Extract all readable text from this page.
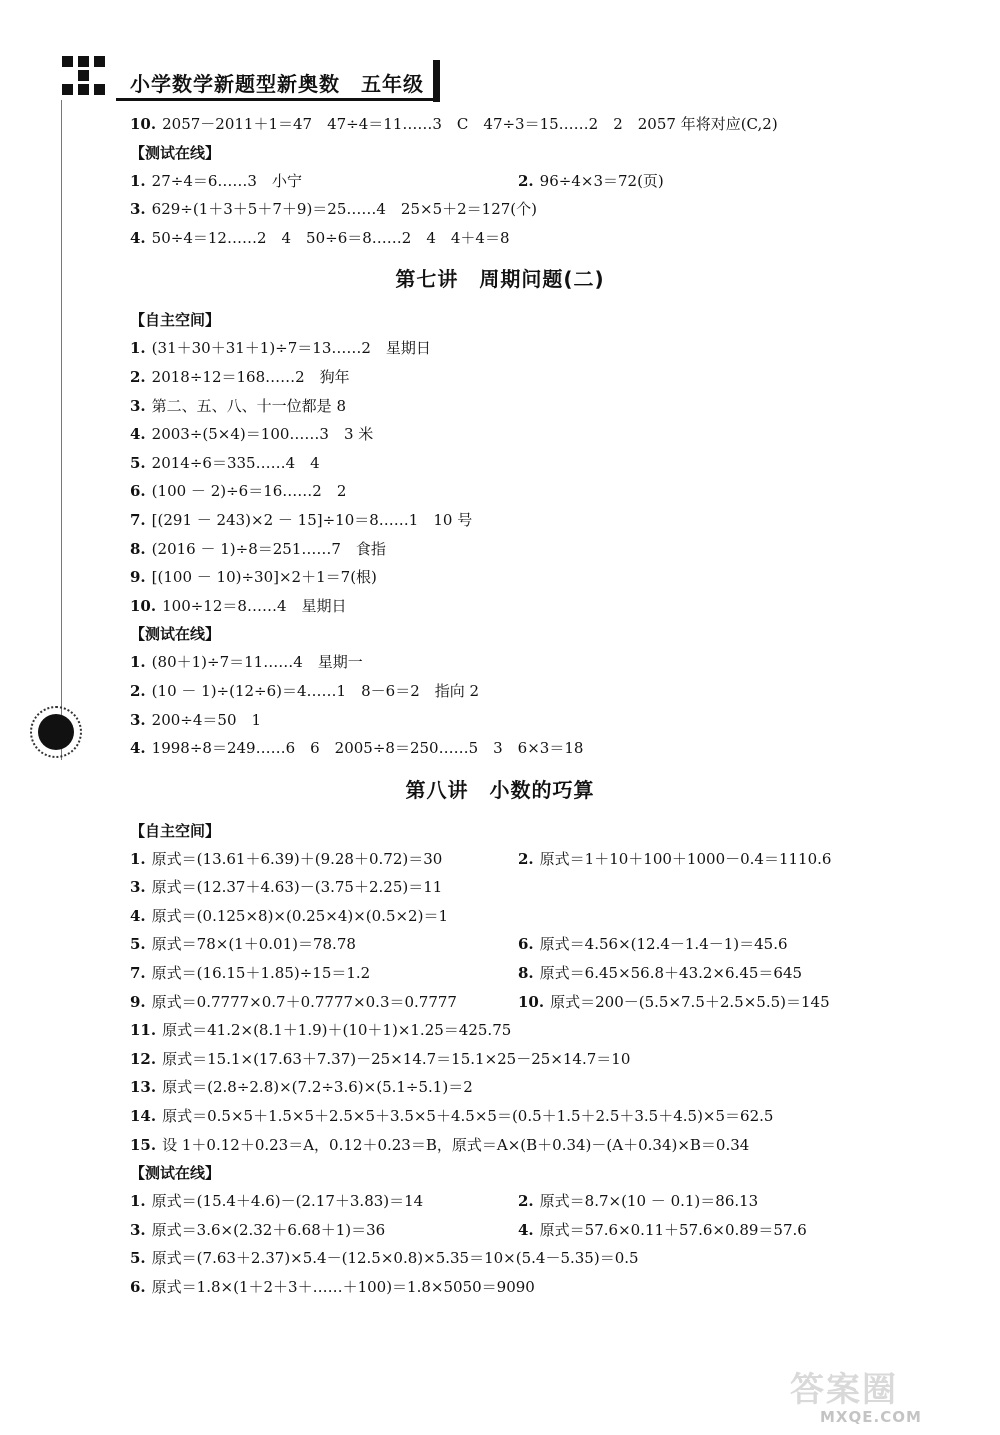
小学数学新题型新奥数　五年级
10. 2057－2011＋1＝47　47÷4＝11……3　C　47÷3＝15……2　2　2057 年将对应(C,2)
【测试在线】
1. 27÷4＝6……3　小宁	2. 96÷4×3＝72(页)
3. 629÷(1＋3＋5＋7＋9)＝25……4　25×5＋2＝127(个)
4. 50÷4＝12……2　4　50÷6＝8……2　4　4＋4＝8
第七讲　周期问题(二)
【自主空间】
1. (31＋30＋31＋1)÷7＝13……2　星期日
2. 2018÷12＝168……2　狗年
3. 第二、五、八、十一位都是 8
4. 2003÷(5×4)＝100……3　3 米
5. 2014÷6＝335……4　4
6. (100 － 2)÷6＝16……2　2
7. [(291 － 243)×2 － 15]÷10＝8……1　10 号
8. (2016 － 1)÷8＝251……7　食指
9. [(100 － 10)÷30]×2＋1＝7(根)
10. 100÷12＝8……4　星期日
【测试在线】
1. (80＋1)÷7＝11……4　星期一
2. (10 － 1)÷(12÷6)＝4……1　8－6＝2　指向 2
3. 200÷4＝50　1
4. 1998÷8＝249……6　6　2005÷8＝250……5　3　6×3＝18
第八讲　小数的巧算
【自主空间】
1. 原式＝(13.61＋6.39)＋(9.28＋0.72)＝30	2. 原式＝1＋10＋100＋1000－0.4＝1110.6
3. 原式＝(12.37＋4.63)－(3.75＋2.25)＝11
4. 原式＝(0.125×8)×(0.25×4)×(0.5×2)＝1
5. 原式＝78×(1＋0.01)＝78.78	6. 原式＝4.56×(12.4－1.4－1)＝45.6
7. 原式＝(16.15＋1.85)÷15＝1.2	8. 原式＝6.45×56.8＋43.2×6.45＝645
9. 原式＝0.7777×0.7＋0.7777×0.3＝0.7777	10. 原式＝200－(5.5×7.5＋2.5×5.5)＝145
11. 原式＝41.2×(8.1＋1.9)＋(10＋1)×1.25＝425.75
12. 原式＝15.1×(17.63＋7.37)－25×14.7＝15.1×25－25×14.7＝10
13. 原式＝(2.8÷2.8)×(7.2÷3.6)×(5.1÷5.1)＝2
14. 原式＝0.5×5＋1.5×5＋2.5×5＋3.5×5＋4.5×5＝(0.5＋1.5＋2.5＋3.5＋4.5)×5＝62.5
15. 设 1＋0.12＋0.23＝A，0.12＋0.23＝B，原式＝A×(B＋0.34)－(A＋0.34)×B＝0.34
【测试在线】
1. 原式＝(15.4＋4.6)－(2.17＋3.83)＝14	2. 原式＝8.7×(10 － 0.1)＝86.13
3. 原式＝3.6×(2.32＋6.68＋1)＝36	4. 原式＝57.6×0.11＋57.6×0.89＝57.6
5. 原式＝(7.63＋2.37)×5.4－(12.5×0.8)×5.35＝10×(5.4－5.35)＝0.5
6. 原式＝1.8×(1＋2＋3＋……＋100)＝1.8×5050＝9090
答案圈
MXQE.COM
